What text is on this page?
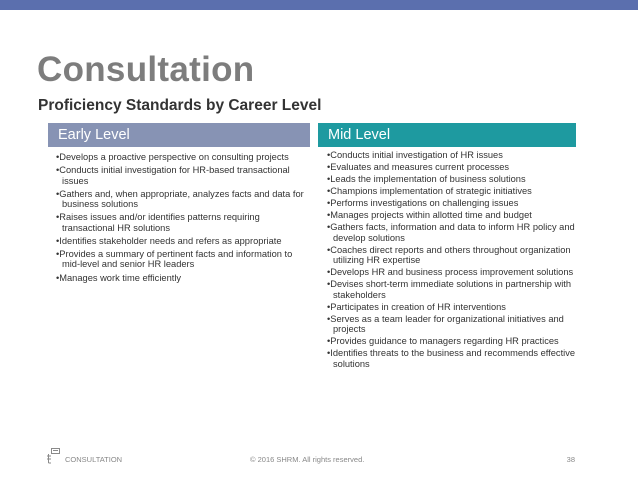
Consultation
Proficiency Standards by Career Level
Early Level
• Develops a proactive perspective on consulting projects
• Conducts initial investigation for HR-based transactional issues
• Gathers and, when appropriate, analyzes facts and data for business solutions
• Raises issues and/or identifies patterns requiring transactional HR solutions
• Identifies stakeholder needs and refers as appropriate
• Provides a summary of pertinent facts and information to mid-level and senior HR leaders
• Manages work time efficiently
Mid Level
• Conducts initial investigation of HR issues
• Evaluates and measures current processes
• Leads the implementation of business solutions
• Champions implementation of strategic initiatives
• Performs investigations on challenging issues
• Manages projects within allotted time and budget
• Gathers facts, information and data to inform HR policy and develop solutions
• Coaches direct reports and others throughout organization utilizing HR expertise
• Develops HR and business process improvement solutions
• Devises short-term immediate solutions in partnership with stakeholders
• Participates in creation of HR interventions
• Serves as a team leader for organizational initiatives and projects
• Provides guidance to managers regarding HR practices
• Identifies threats to the business and recommends effective solutions
CONSULTATION	© 2016 SHRM. All rights reserved.	38
